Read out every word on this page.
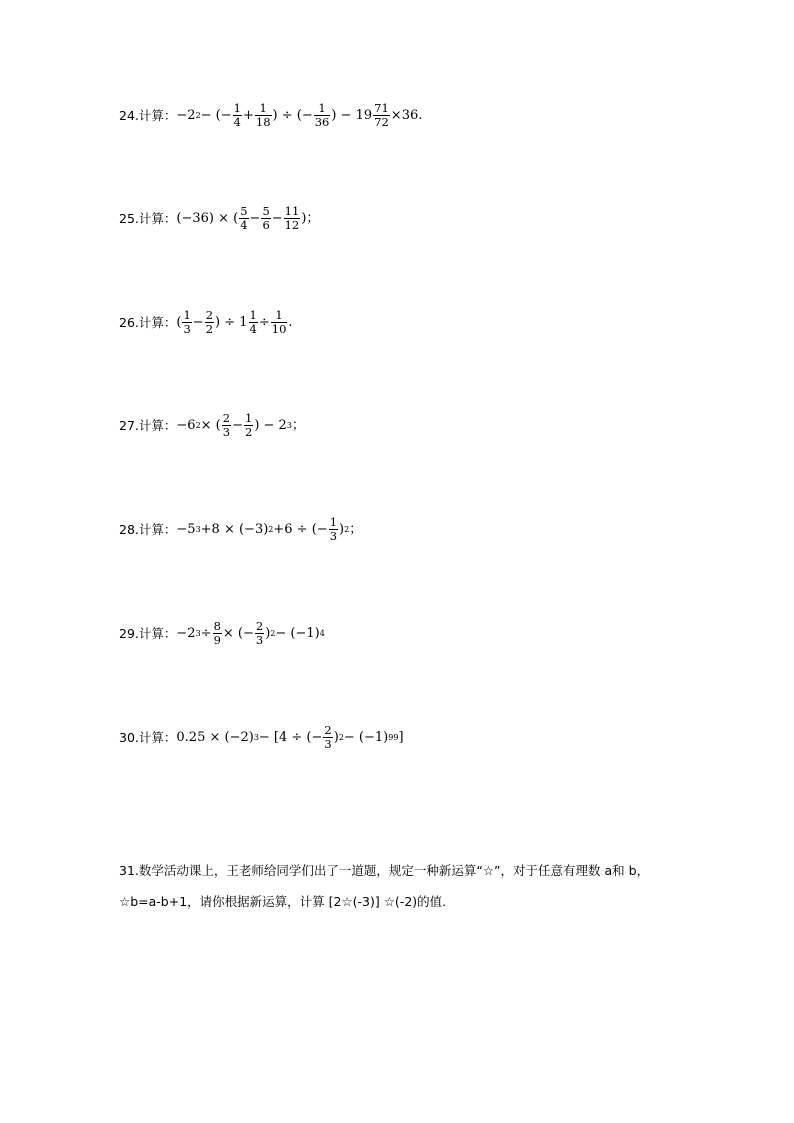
24.计算： −2 2 − (− $\frac{1}{4} + \frac{1}{18}$ ) ÷ (− $\frac{1}{36}$ ) − $19 \frac{71}{72} \times 36$.
25.计算： (−36) × ( $\frac{5}{4} - \frac{5}{6} - \frac{11}{12}$ )；
26.计算： ( $\frac{1}{3} - \frac{2}{2}$ ) ÷ $1 \frac{1}{4} \div \frac{1}{10}$ .
27.计算： −6 2 × ( $\frac{2}{3} - \frac{1}{2}$ ) − 2 3 ；
28.计算： −5 3 +8 × (−3) 2 +6 ÷ (− $\frac{1}{3}$ ) 2 ；
29.计算： −2 $3 \div \frac{8}{9}$ × (− $\frac{2}{3}$ ) 2 − (−1) 4
30.计算： 0.25 × (−2) 3 − [4 ÷ (− $\frac{2}{3}$ ) 2 − (−1) 99 ]
31.数学活动课上，王老师给同学们出了一道题，规定一种新运算“☆”，对于任意有理数 a和 b，
☆b=a-b+1，请你根据新运算，计算 [2☆(-3)] ☆(-2)的值.
